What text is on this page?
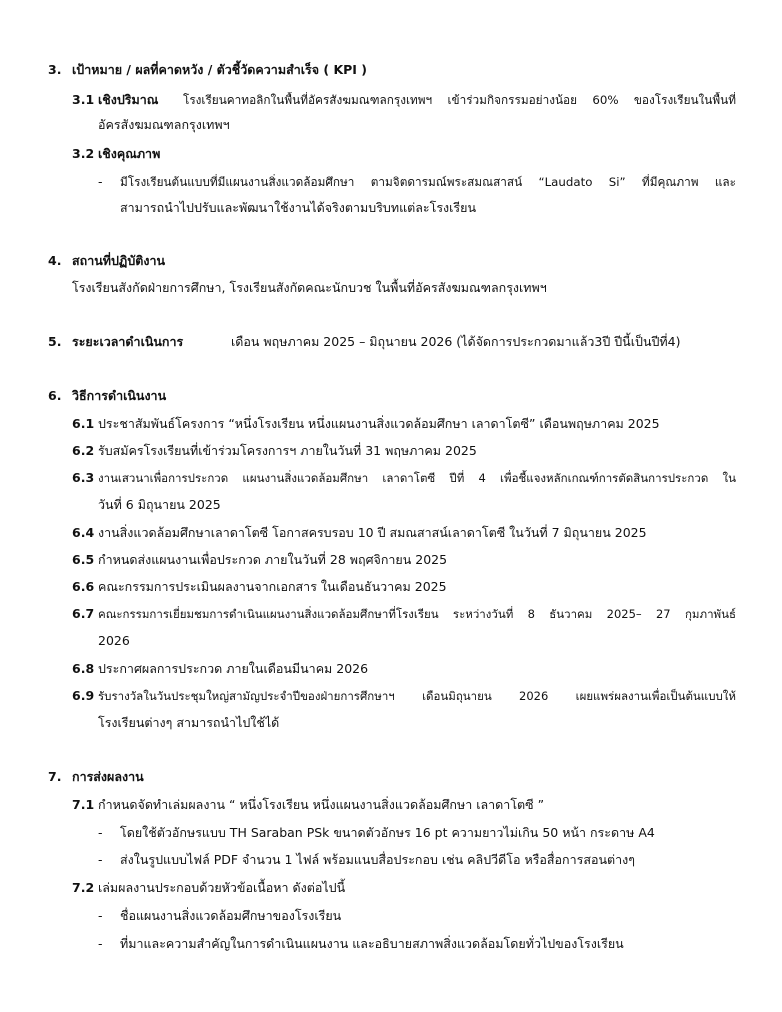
3. เป้าหมาย / ผลที่คาดหวัง / ตัวชี้วัดความสำเร็จ ( KPI )
3.1 เชิงปริมาณ โรงเรียนคาทอลิกในพื้นที่อัครสังฆมณฑลกรุงเทพฯ เข้าร่วมกิจกรรมอย่างน้อย 60% ของโรงเรียนในพื้นที่
อัครสังฆมณฑลกรุงเทพฯ
3.2 เชิงคุณภาพ
- มีโรงเรียนต้นแบบที่มีแผนงานสิ่งแวดล้อมศึกษา ตามจิตดารมณ์พระสมณสาสน์ “Laudato Si” ที่มีคุณภาพ และ
สามารถนำไปปรับและพัฒนาใช้งานได้จริงตามบริบทแต่ละโรงเรียน
4. สถานที่ปฏิบัติงาน
โรงเรียนสังกัดฝ่ายการศึกษา, โรงเรียนสังกัดคณะนักบวช ในพื้นที่อัครสังฆมณฑลกรุงเทพฯ
5. ระยะเวลาดำเนินการ	เดือน พฤษภาคม 2025 – มิถุนายน 2026 (ได้จัดการประกวดมาแล้ว3ปี ปีนี้เป็นปีที่4)
6. วิธีการดำเนินงาน
6.1 ประชาสัมพันธ์โครงการ “หนึ่งโรงเรียน หนึ่งแผนงานสิ่งแวดล้อมศึกษา เลาดาโตซี” เดือนพฤษภาคม 2025
6.2 รับสมัครโรงเรียนที่เข้าร่วมโครงการฯ ภายในวันที่ 31 พฤษภาคม 2025
6.3 งานเสวนาเพื่อการประกวด แผนงานสิ่งแวดล้อมศึกษา เลาดาโตซี ปีที่ 4 เพื่อชี้แจงหลักเกณฑ์การตัดสินการประกวด ใน
วันที่ 6 มิถุนายน 2025
6.4 งานสิ่งแวดล้อมศึกษาเลาดาโตซี โอกาสครบรอบ 10 ปี สมณสาสน์เลาดาโตซี ในวันที่ 7 มิถุนายน 2025
6.5 กำหนดส่งแผนงานเพื่อประกวด ภายในวันที่ 28 พฤศจิกายน 2025
6.6 คณะกรรมการประเมินผลงานจากเอกสาร ในเดือนธันวาคม 2025
6.7 คณะกรรมการเยี่ยมชมการดำเนินแผนงานสิ่งแวดล้อมศึกษาที่โรงเรียน ระหว่างวันที่ 8 ธันวาคม 2025– 27 กุมภาพันธ์
2026
6.8 ประกาศผลการประกวด ภายในเดือนมีนาคม 2026
6.9 รับรางวัลในวันประชุมใหญ่สามัญประจำปีของฝ่ายการศึกษาฯ เดือนมิถุนายน 2026 เผยแพร่ผลงานเพื่อเป็นต้นแบบให้
โรงเรียนต่างๆ สามารถนำไปใช้ได้
7. การส่งผลงาน
7.1 กำหนดจัดทำเล่มผลงาน “ หนึ่งโรงเรียน หนึ่งแผนงานสิ่งแวดล้อมศึกษา เลาดาโตซี ”
- โดยใช้ตัวอักษรแบบ TH Saraban PSk ขนาดตัวอักษร 16 pt ความยาวไม่เกิน 50 หน้า กระดาษ A4
- ส่งในรูปแบบไฟล์ PDF จำนวน 1 ไฟล์ พร้อมแนบสื่อประกอบ เช่น คลิปวีดีโอ หรือสื่อการสอนต่างๆ
7.2 เล่มผลงานประกอบด้วยหัวข้อเนื้อหา ดังต่อไปนี้
- ชื่อแผนงานสิ่งแวดล้อมศึกษาของโรงเรียน
- ที่มาและความสำคัญในการดำเนินแผนงาน และอธิบายสภาพสิ่งแวดล้อมโดยทั่วไปของโรงเรียน
